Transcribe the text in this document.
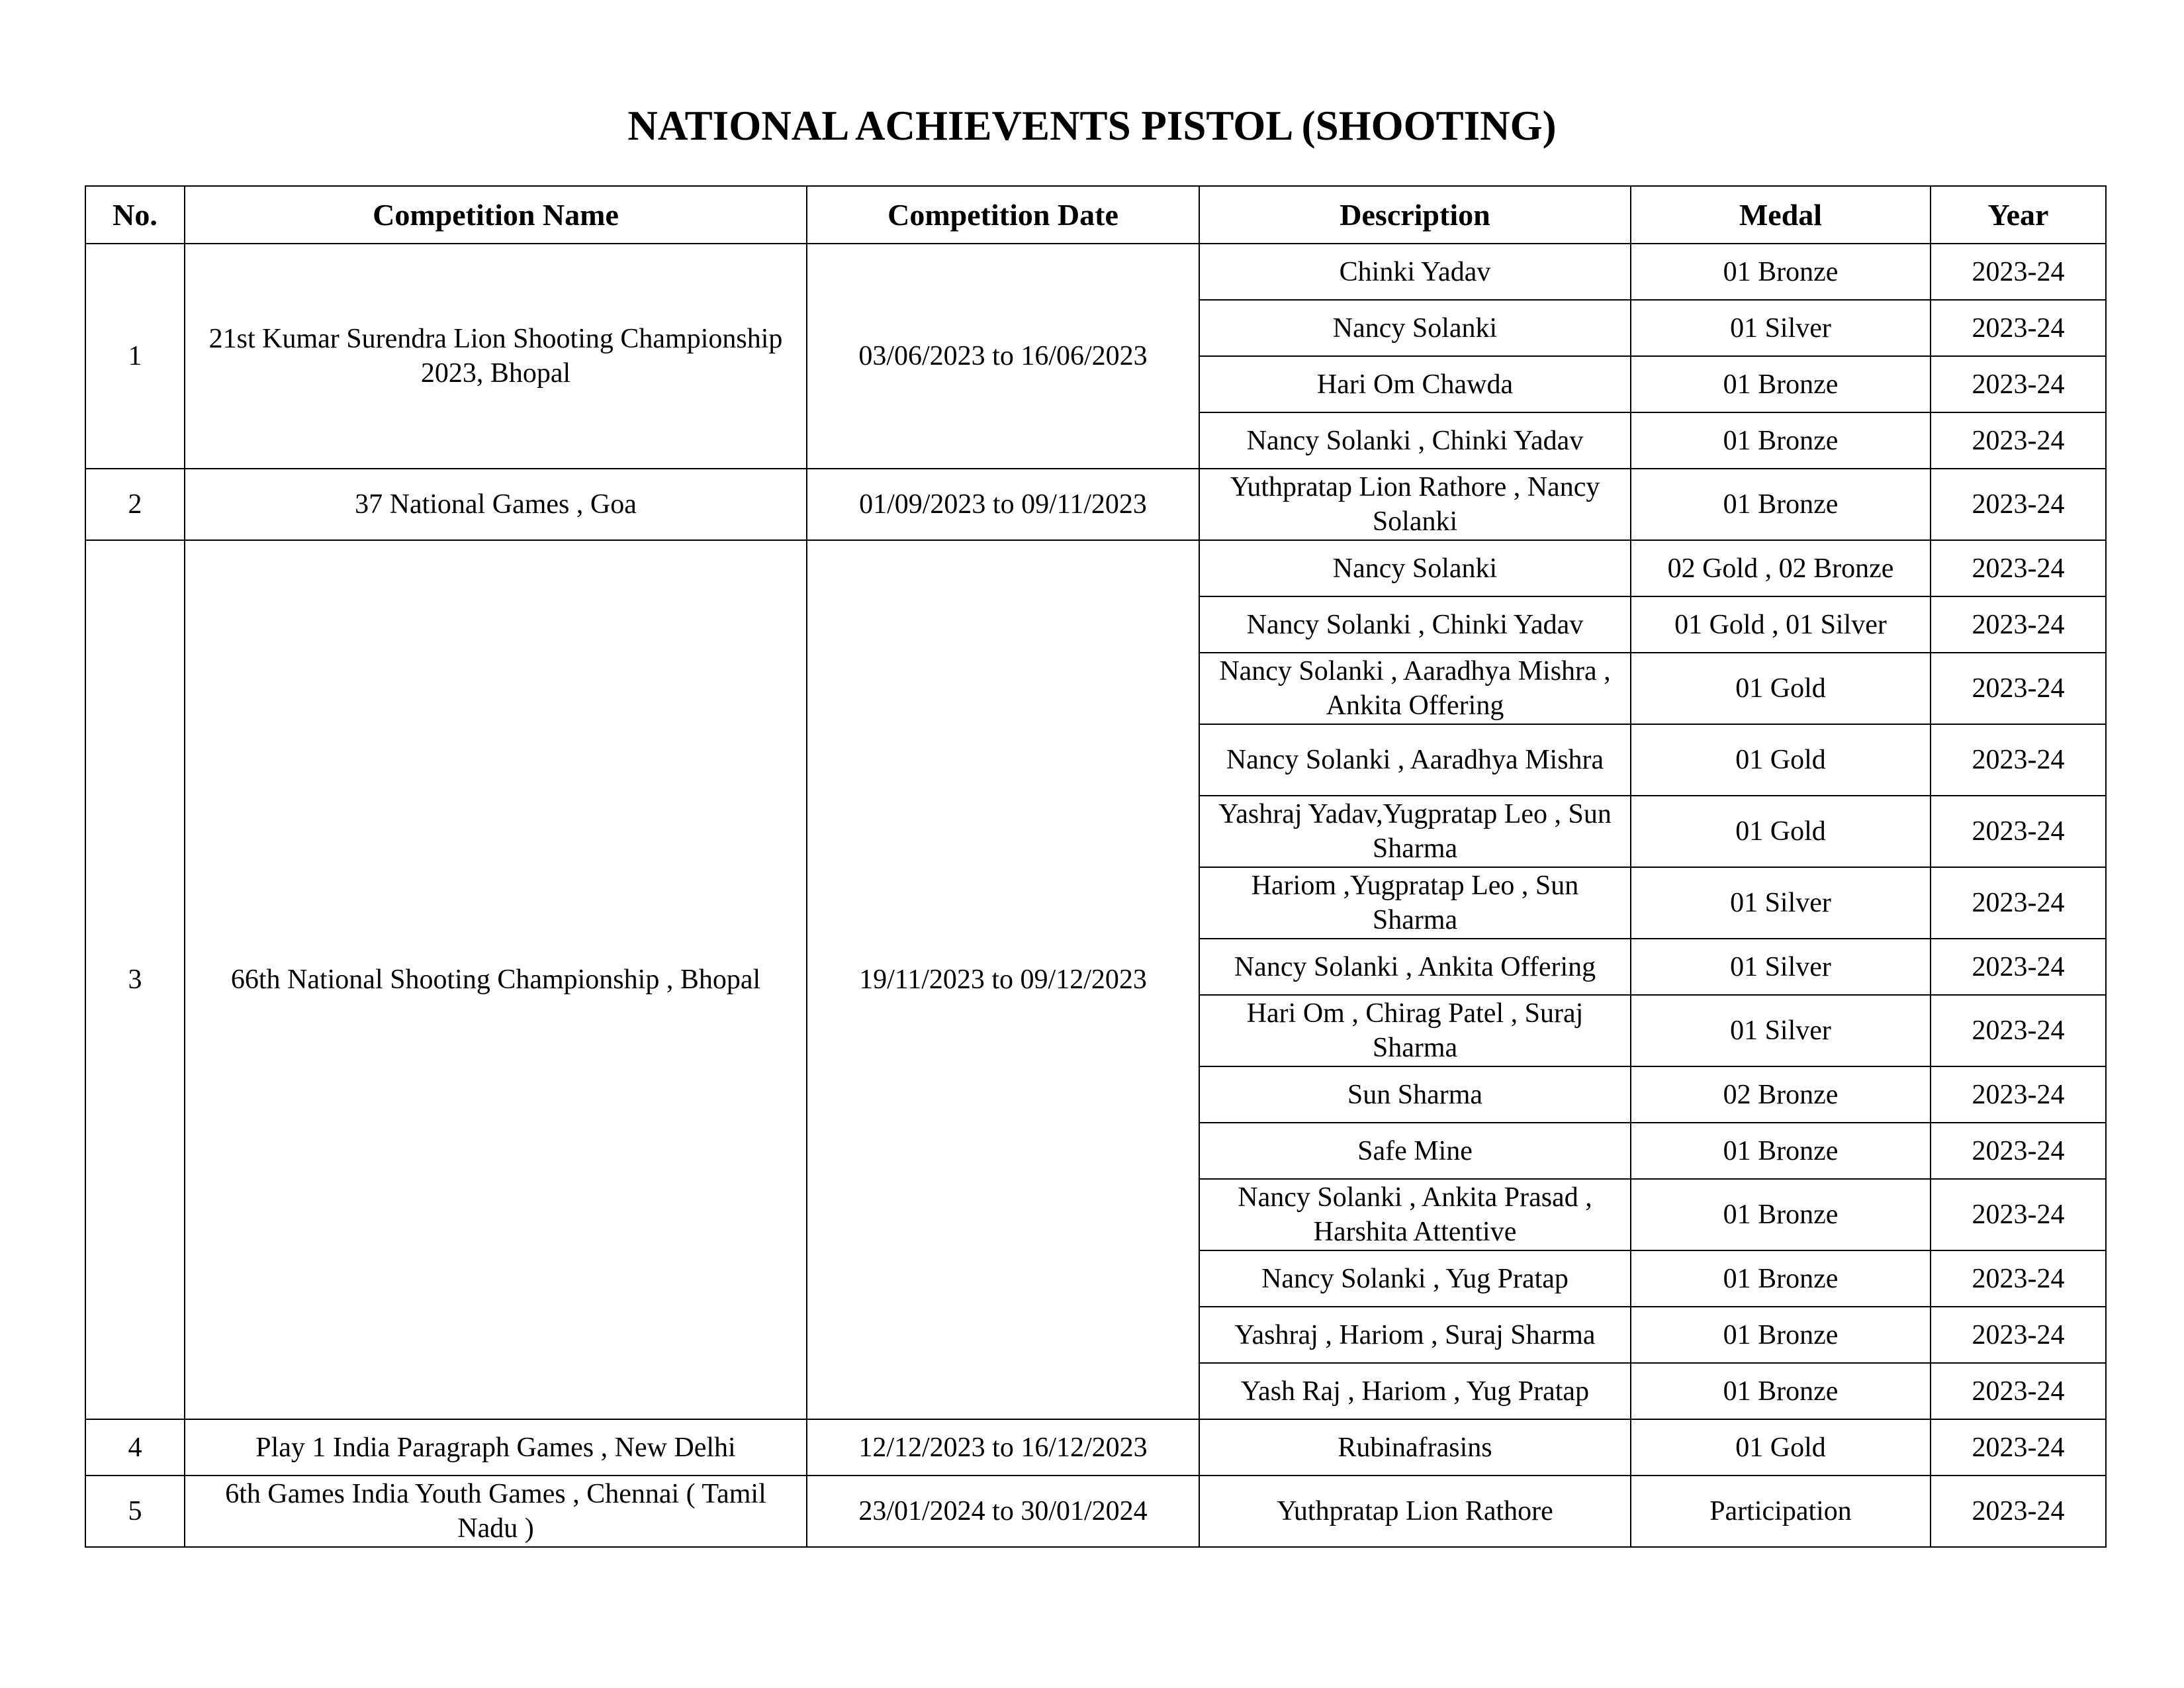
NATIONAL ACHIEVENTS PISTOL (SHOOTING)
No.	Competition Name	Competition Date	Description	Medal	Year
1	21st Kumar Surendra Lion Shooting Championship 2023, Bhopal	03/06/2023 to 16/06/2023	Chinki Yadav	01 Bronze	2023-24
			Nancy Solanki	01 Silver	2023-24
			Hari Om Chawda	01 Bronze	2023-24
			Nancy Solanki , Chinki Yadav	01 Bronze	2023-24
2	37 National Games , Goa	01/09/2023 to 09/11/2023	Yuthpratap Lion Rathore , Nancy Solanki	01 Bronze	2023-24
3	66th National Shooting Championship , Bhopal	19/11/2023 to 09/12/2023	Nancy Solanki	02 Gold , 02 Bronze	2023-24
			Nancy Solanki , Chinki Yadav	01 Gold , 01 Silver	2023-24
			Nancy Solanki , Aaradhya Mishra , Ankita Offering	01 Gold	2023-24
			Nancy Solanki , Aaradhya Mishra	01 Gold	2023-24
			Yashraj Yadav,Yugpratap Leo , Sun Sharma	01 Gold	2023-24
			Hariom ,Yugpratap Leo , Sun Sharma	01 Silver	2023-24
			Nancy Solanki , Ankita Offering	01 Silver	2023-24
			Hari Om , Chirag Patel , Suraj Sharma	01 Silver	2023-24
			Sun Sharma	02 Bronze	2023-24
			Safe Mine	01 Bronze	2023-24
			Nancy Solanki , Ankita Prasad , Harshita Attentive	01 Bronze	2023-24
			Nancy Solanki , Yug Pratap	01 Bronze	2023-24
			Yashraj , Hariom , Suraj Sharma	01 Bronze	2023-24
			Yash Raj , Hariom , Yug Pratap	01 Bronze	2023-24
4	Play 1 India Paragraph Games , New Delhi	12/12/2023 to 16/12/2023	Rubinafrasins	01 Gold	2023-24
5	6th Games India Youth Games , Chennai ( Tamil Nadu )	23/01/2024 to 30/01/2024	Yuthpratap Lion Rathore	Participation	2023-24
